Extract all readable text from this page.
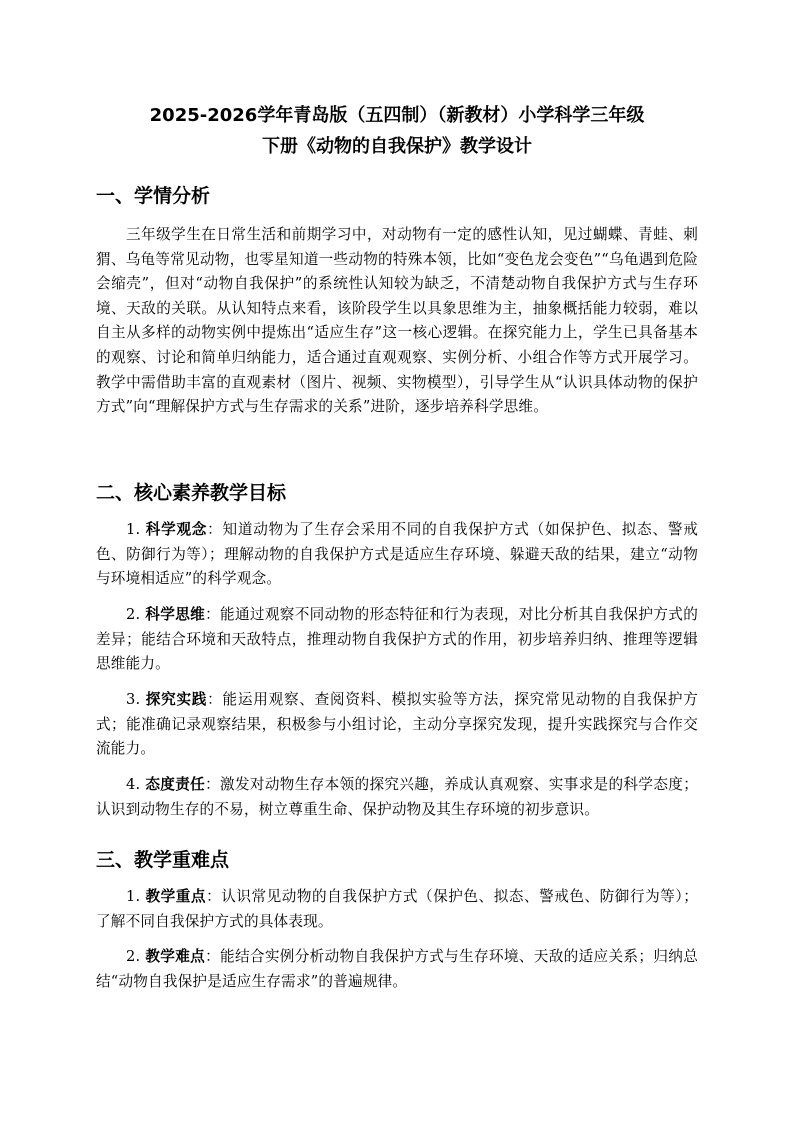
2025-2026学年青岛版（五四制）（新教材）小学科学三年级
下册《动物的自我保护》教学设计
一、学情分析

三年级学生在日常生活和前期学习中，对动物有一定的感性认知，见过蝴蝶、青蛙、刺猬、乌龟等常见动物，也零星知道一些动物的特殊本领，比如“变色龙会变色”“乌龟遇到危险会缩壳”，但对“动物自我保护”的系统性认知较为缺乏，不清楚动物自我保护方式与生存环境、天敌的关联。从认知特点来看，该阶段学生以具象思维为主，抽象概括能力较弱，难以自主从多样的动物实例中提炼出“适应生存”这一核心逻辑。在探究能力上，学生已具备基本的观察、讨论和简单归纳能力，适合通过直观观察、实例分析、小组合作等方式开展学习。教学中需借助丰富的直观素材（图片、视频、实物模型），引导学生从“认识具体动物的保护方式”向“理解保护方式与生存需求的关系”进阶，逐步培养科学思维。

二、核心素养教学目标

1. 科学观念：知道动物为了生存会采用不同的自我保护方式（如保护色、拟态、警戒色、防御行为等）；理解动物的自我保护方式是适应生存环境、躲避天敌的结果，建立“动物与环境相适应”的科学观念。

2. 科学思维：能通过观察不同动物的形态特征和行为表现，对比分析其自我保护方式的差异；能结合环境和天敌特点，推理动物自我保护方式的作用，初步培养归纳、推理等逻辑思维能力。

3. 探究实践：能运用观察、查阅资料、模拟实验等方法，探究常见动物的自我保护方式；能准确记录观察结果，积极参与小组讨论，主动分享探究发现，提升实践探究与合作交流能力。

4. 态度责任：激发对动物生存本领的探究兴趣，养成认真观察、实事求是的科学态度；认识到动物生存的不易，树立尊重生命、保护动物及其生存环境的初步意识。

三、教学重难点

1. 教学重点：认识常见动物的自我保护方式（保护色、拟态、警戒色、防御行为等）；了解不同自我保护方式的具体表现。

2. 教学难点：能结合实例分析动物自我保护方式与生存环境、天敌的适应关系；归纳总结“动物自我保护是适应生存需求”的普遍规律。
